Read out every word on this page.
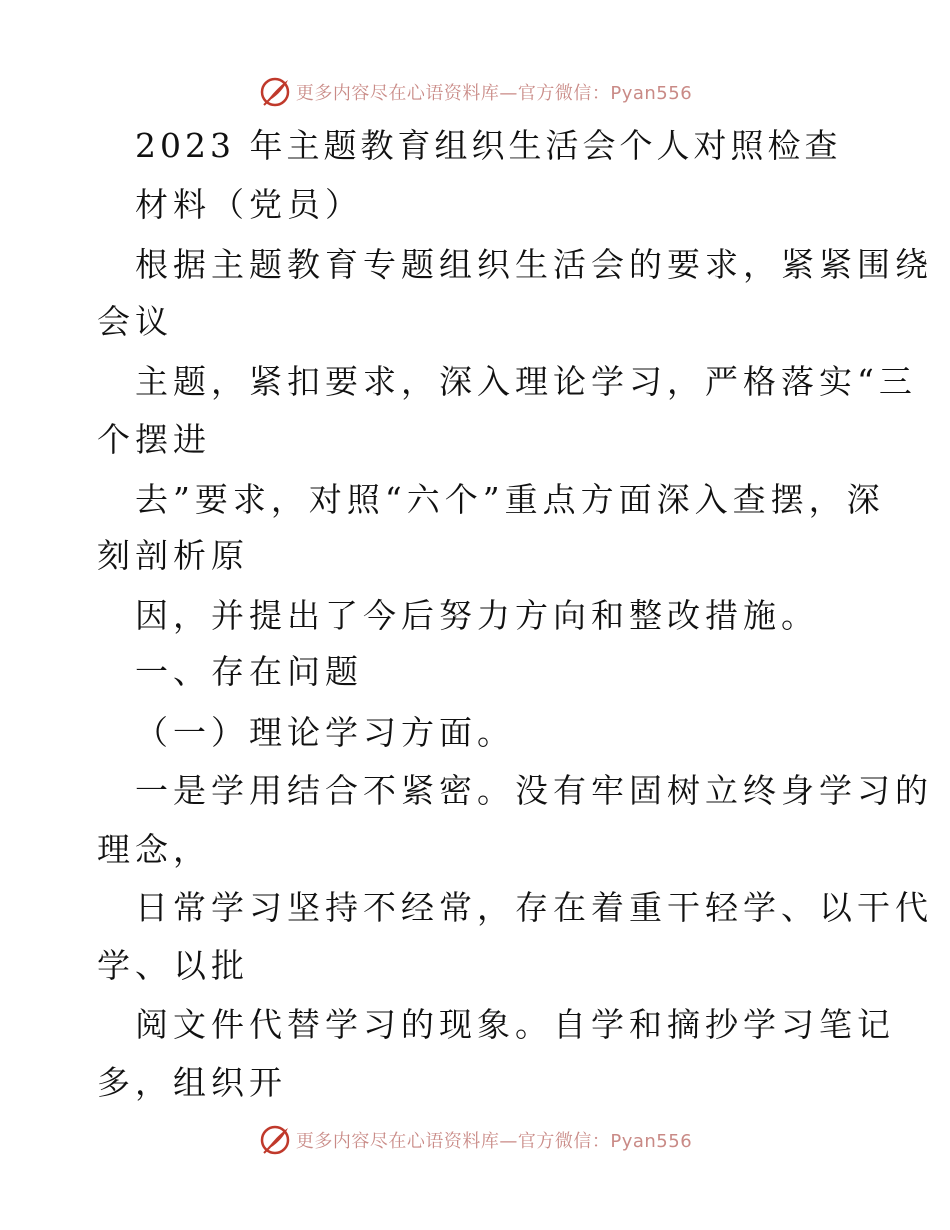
更多内容尽在心语资料库—官方微信：Pyan556
2023 年主题教育组织生活会个人对照检查
材料（党员）
根据主题教育专题组织生活会的要求，紧紧围绕
会议
主题，紧扣要求，深入理论学习，严格落实“三
个摆进
去”要求，对照“六个”重点方面深入查摆，深
刻剖析原
因，并提出了今后努力方向和整改措施。
一、存在问题
（一）理论学习方面。
一是学用结合不紧密。没有牢固树立终身学习的
理念，
日常学习坚持不经常，存在着重干轻学、以干代
学、以批
阅文件代替学习的现象。自学和摘抄学习笔记
多，组织开
更多内容尽在心语资料库—官方微信：Pyan556
